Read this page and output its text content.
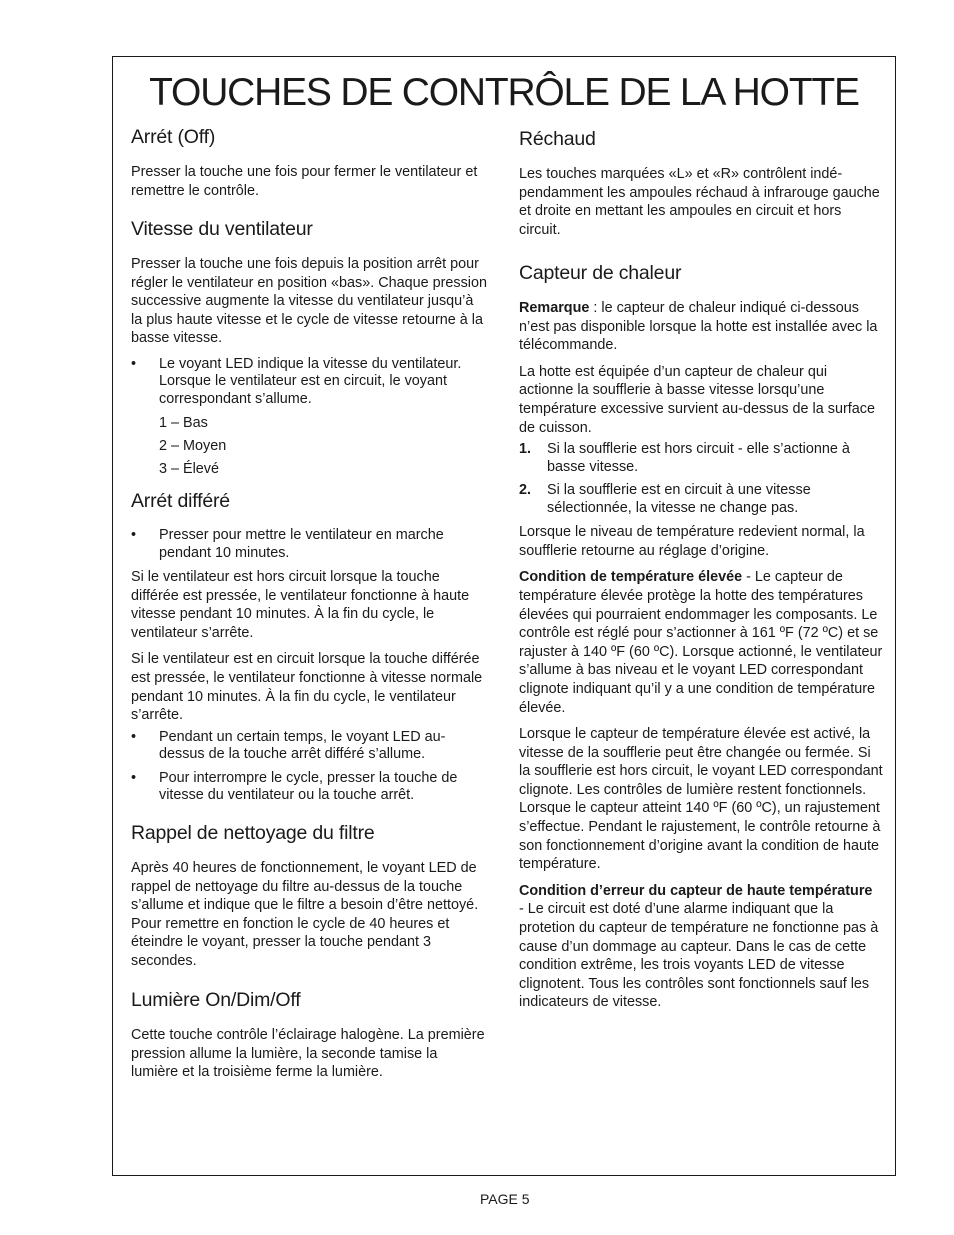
TOUCHES DE CONTRÔLE DE LA HOTTE
Arrét (Off)

Presser la touche une fois pour fermer le ventilateur et remettre le contrôle.

Vitesse du ventilateur

Presser la touche une fois depuis la position arrêt pour régler le ventilateur en position «bas». Chaque pression successive augmente la vitesse du ventilateur jusqu’à la plus haute vitesse et le cycle de vitesse retourne à la basse vitesse.

• Le voyant LED indique la vitesse du ventilateur. Lorsque le ventilateur est en circuit, le voyant correspondant s’allume.
1 – Bas
2 – Moyen
3 – Élevé
Arrét différé
• Presser pour mettre le ventilateur en marche pendant 10 minutes.

Si le ventilateur est hors circuit lorsque la touche différée est pressée, le ventilateur fonctionne à haute vitesse pendant 10 minutes. À la fin du cycle, le ventilateur s’arrête.

Si le ventilateur est en circuit lorsque la touche différée est pressée, le ventilateur fonctionne à vitesse normale pendant 10 minutes. À la fin du cycle, le ventilateur s’arrête.

• Pendant un certain temps, le voyant LED au-dessus de la touche arrêt différé s’allume.
• Pour interrompre le cycle, presser la touche de vitesse du ventilateur ou la touche arrêt.
Rappel de nettoyage du filtre

Après 40 heures de fonctionnement, le voyant LED de rappel de nettoyage du filtre au-dessus de la touche s’allume et indique que le filtre a besoin d’être nettoyé. Pour remettre en fonction le cycle de 40 heures et éteindre le voyant, presser la touche pendant 3 secondes.

Lumière On/Dim/Off

Cette touche contrôle l’éclairage halogène. La première pression allume la lumière, la seconde tamise la lumière et la troisième ferme la lumière.

Réchaud

Les touches marquées «L» et «R» contrôlent indé-pendamment les ampoules réchaud à infrarouge gauche et droite en mettant les ampoules en circuit et hors circuit.

Capteur de chaleur

Remarque : le capteur de chaleur indiqué ci-dessous n’est pas disponible lorsque la hotte est installée avec la télécommande.

La hotte est équipée d’un capteur de chaleur qui actionne la soufflerie à basse vitesse lorsqu’une température excessive survient au-dessus de la surface de cuisson.

1. Si la soufflerie est hors circuit - elle s’actionne à basse vitesse.
2. Si la soufflerie est en circuit à une vitesse sélectionnée, la vitesse ne change pas.

Lorsque le niveau de température redevient normal, la soufflerie retourne au réglage d’origine.

Condition de température élevée - Le capteur de température élevée protège la hotte des températures élevées qui pourraient endommager les composants. Le contrôle est réglé pour s’actionner à 161 ºF (72 ºC) et se rajuster à 140 ºF (60 ºC). Lorsque actionné, le ventilateur s’allume à bas niveau et le voyant LED correspondant clignote indiquant qu’il y a une condition de température élevée.

Lorsque le capteur de température élevée est activé, la vitesse de la soufflerie peut être changée ou fermée. Si la soufflerie est hors circuit, le voyant LED correspondant clignote. Les contrôles de lumière restent fonctionnels. Lorsque le capteur atteint 140 ºF (60 ºC), un rajustement s’effectue. Pendant le rajustement, le contrôle retourne à son fonctionnement d’origine avant la condition de haute température.

Condition d’erreur du capteur de haute température  - Le circuit est doté d’une alarme indiquant que la protetion du capteur de température ne fonctionne pas à cause d’un dommage au capteur. Dans le cas de cette condition extrême, les trois voyants LED de vitesse clignotent. Tous les contrôles sont fonctionnels sauf les indicateurs de vitesse.

PAGE 5
